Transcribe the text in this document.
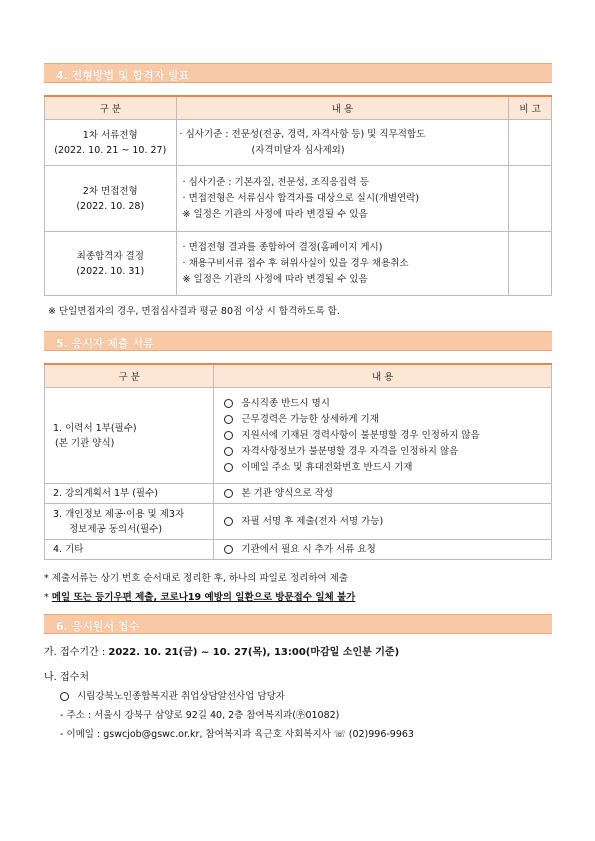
4. 전형방법 및 합격자 발표
구 분	내 용	비 고

1차 서류전형
(2022. 10. 21 ~ 10. 27)	· 심사기준 : 전문성(전공, 경력, 자격사항 등) 및 직무적합도
(자격미달자 심사제외)	

2차 면접전형
(2022. 10. 28)	· 심사기준 : 기본자질, 전문성, 조직응집력 등
· 면접전형은 서류심사 합격자를 대상으로 실시(개별연락)
※ 일정은 기관의 사정에 따라 변경될 수 있음	

최종합격자 결정
(2022. 10. 31)	· 면접전형 결과를 종합하여 결정(홈페이지 게시)
· 채용구비서류 접수 후 허위사실이 있을 경우 채용취소
※ 일정은 기관의 사정에 따라 변경될 수 있음	

※ 단일면접자의 경우, 면접심사결과 평균 80점 이상 시 합격하도록 함.
5. 응시자 제출 서류
구 분	내 용

1. 이력서 1부(필수)
(본 기관 양식)	응시직종 반드시 명시
근무경력은 가능한 상세하게 기재
지원서에 기재된 경력사항이 불분명할 경우 인정하지 않음
자격사항정보가 불분명할 경우 자격을 인정하지 않음
이메일 주소 및 휴대전화번호 반드시 기재

2. 강의계획서 1부 (필수)	본 기관 양식으로 작성

3. 개인정보 제공·이용 및 제3자
정보제공 동의서(필수)	자필 서명 후 제출(전자 서명 가능)

4. 기타	기관에서 필요 시 추가 서류 요청
* 제출서류는 상기 번호 순서대로 정리한 후, 하나의 파일로 정리하여 제출
* 메일 또는 등기우편 제출, 코로나19 예방의 일환으로 방문접수 일체 불가
6. 응시원서 접수
가. 접수기간 : 2022. 10. 21(금) ~ 10. 27(목), 13:00(마감일 소인분 기준)
나. 접수처
시립강북노인종합복지관 취업상담알선사업 담당자
- 주소 : 서울시 강북구 삼양로 92길 40, 2층 참여복지과(㉾01082)
- 이메일 : gswcjob@gswc.or.kr, 참여복지과 육근호 사회복지사 ☏ (02)996-9963
